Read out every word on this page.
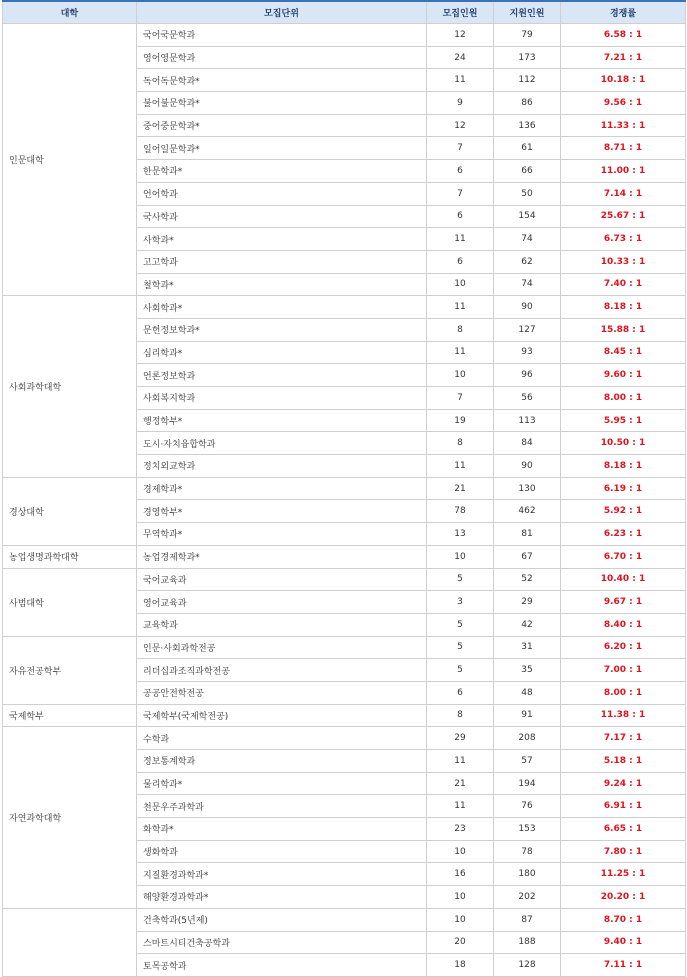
대학	모집단위	모집인원	지원인원	경쟁률
인문대학	국어국문학과	12	79	6.58 : 1
	영어영문학과	24	173	7.21 : 1
	독어독문학과*	11	112	10.18 : 1
	불어불문학과*	9	86	9.56 : 1
	중어중문학과*	12	136	11.33 : 1
	일어일문학과*	7	61	8.71 : 1
	한문학과*	6	66	11.00 : 1
	언어학과	7	50	7.14 : 1
	국사학과	6	154	25.67 : 1
	사학과*	11	74	6.73 : 1
	고고학과	6	62	10.33 : 1
	철학과*	10	74	7.40 : 1
사회과학대학	사회학과*	11	90	8.18 : 1
	문헌정보학과*	8	127	15.88 : 1
	심리학과*	11	93	8.45 : 1
	언론정보학과	10	96	9.60 : 1
	사회복지학과	7	56	8.00 : 1
	행정학부*	19	113	5.95 : 1
	도시·자치융합학과	8	84	10.50 : 1
	정치외교학과	11	90	8.18 : 1
경상대학	경제학과*	21	130	6.19 : 1
	경영학부*	78	462	5.92 : 1
	무역학과*	13	81	6.23 : 1
농업생명과학대학	농업경제학과*	10	67	6.70 : 1
사범대학	국어교육과	5	52	10.40 : 1
	영어교육과	3	29	9.67 : 1
	교육학과	5	42	8.40 : 1
자유전공학부	인문·사회과학전공	5	31	6.20 : 1
	리더십과조직과학전공	5	35	7.00 : 1
	공공안전학전공	6	48	8.00 : 1
국제학부	국제학부(국제학전공)	8	91	11.38 : 1
자연과학대학	수학과	29	208	7.17 : 1
	정보통계학과	11	57	5.18 : 1
	물리학과*	21	194	9.24 : 1
	천문우주과학과	11	76	6.91 : 1
	화학과*	23	153	6.65 : 1
	생화학과	10	78	7.80 : 1
	지질환경과학과*	16	180	11.25 : 1
	해양환경과학과*	10	202	20.20 : 1
	건축학과(5년제)	10	87	8.70 : 1
	스마트시티건축공학과	20	188	9.40 : 1
	토목공학과	18	128	7.11 : 1
